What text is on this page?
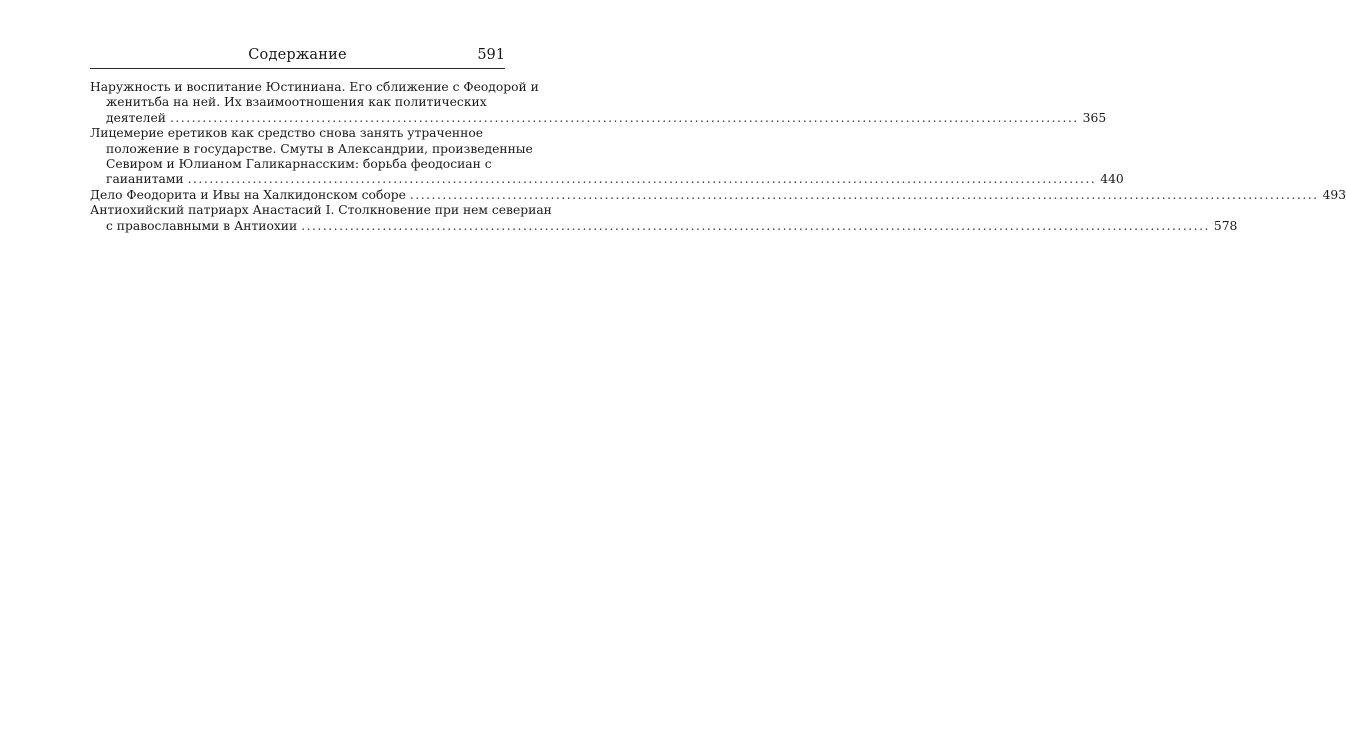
Содержание	591
Наружность и воспитание Юстиниана. Его сближение с Феодорой и
женитьба на ней. Их взаимоотношения как политических
деятелей .....	365
Лицемерие еретиков как средство снова занять утраченное
положение в государстве. Смуты в Александрии, произведенные
Севиром и Юлианом Галикарнасским: борьба феодосиан с
гаианитами .....	440
Дело Феодорита и Ивы на Халкидонском соборе .....	493
Антиохийский патриарх Анастасий I. Столкновение при нем севериан
с православными в Антиохии .....	578
